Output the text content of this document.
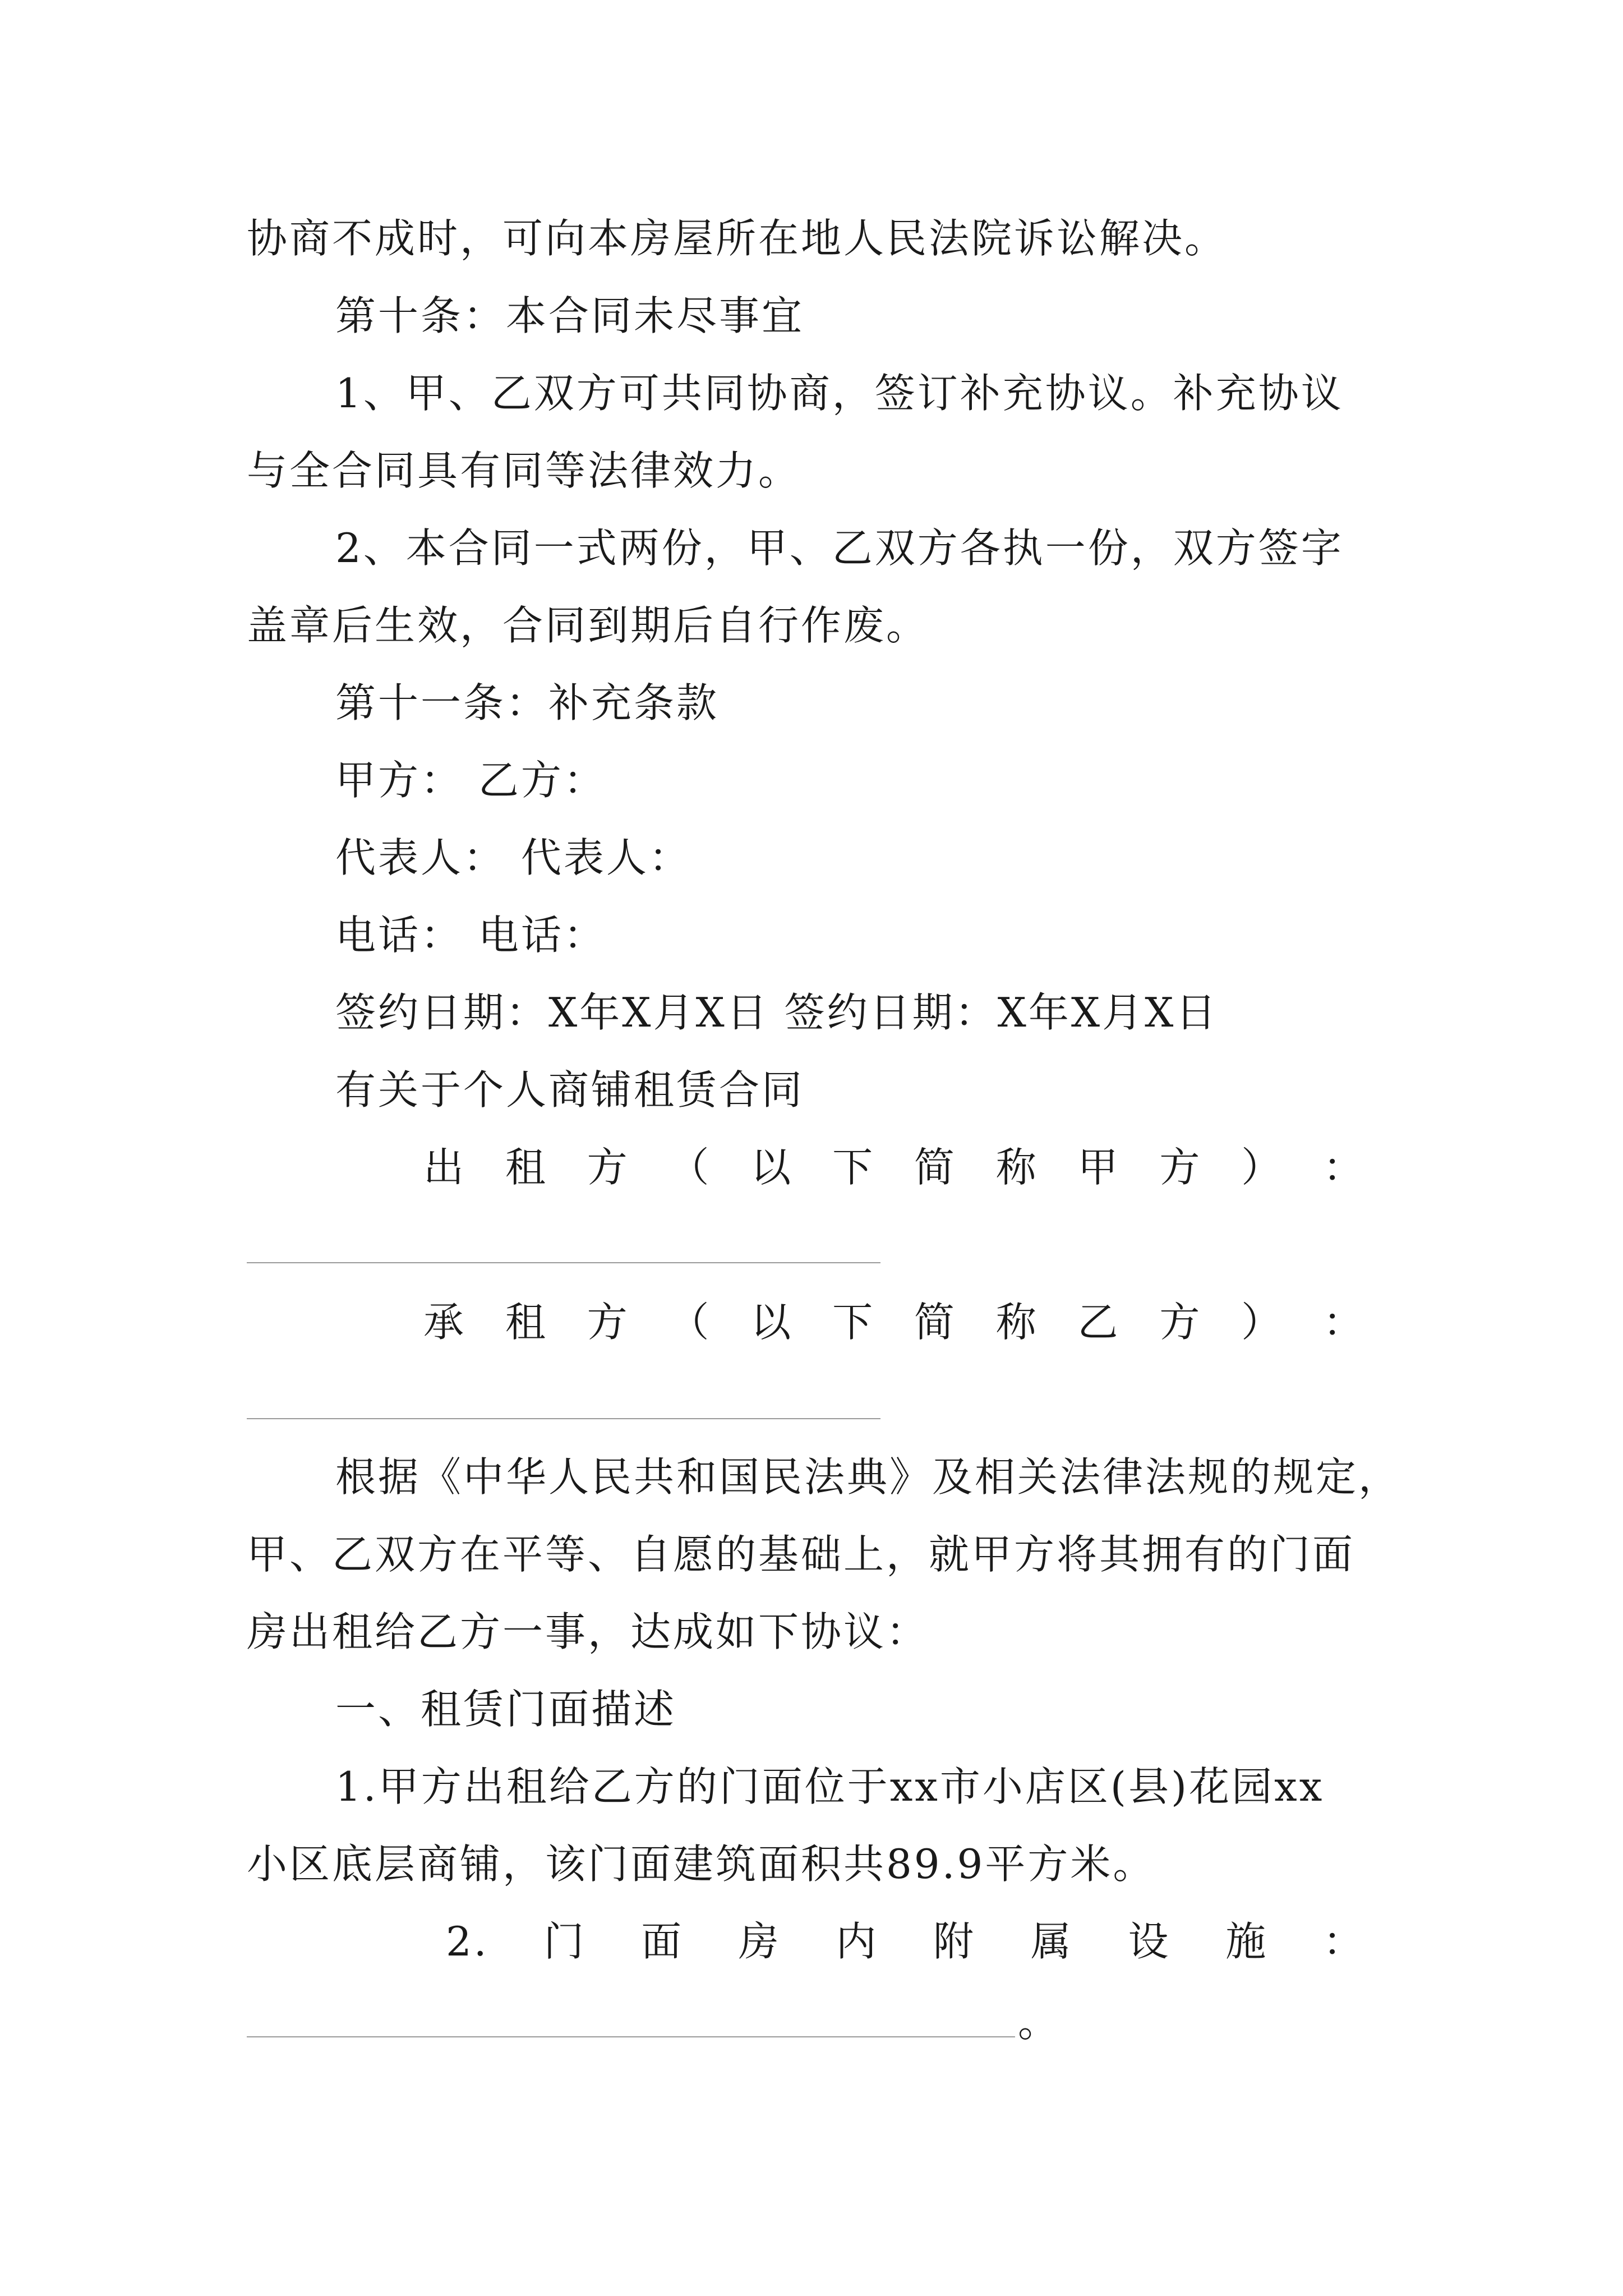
协商不成时，可向本房屋所在地人民法院诉讼解决。
第十条：本合同未尽事宜
1、甲、乙双方可共同协商，签订补充协议。补充协议
与全合同具有同等法律效力。
2、本合同一式两份，甲、乙双方各执一份，双方签字
盖章后生效，合同到期后自行作废。
第十一条：补充条款
甲方： 乙方：
代表人： 代表人：
电话： 电话：
签约日期：X年X月X日 签约日期：X年X月X日
有关于个人商铺租赁合同
出 租 方 （ 以 下 简 称 甲 方 ） ：
承 租 方 （ 以 下 简 称 乙 方 ） ：
根据《中华人民共和国民法典》及相关法律法规的规定，
甲、乙双方在平等、自愿的基础上，就甲方将其拥有的门面
房出租给乙方一事，达成如下协议：
一、租赁门面描述
1.甲方出租给乙方的门面位于xx市小店区(县)花园xx
小区底层商铺，该门面建筑面积共89.9平方米。
2. 门 面 房 内 附 属 设 施 ：
。
